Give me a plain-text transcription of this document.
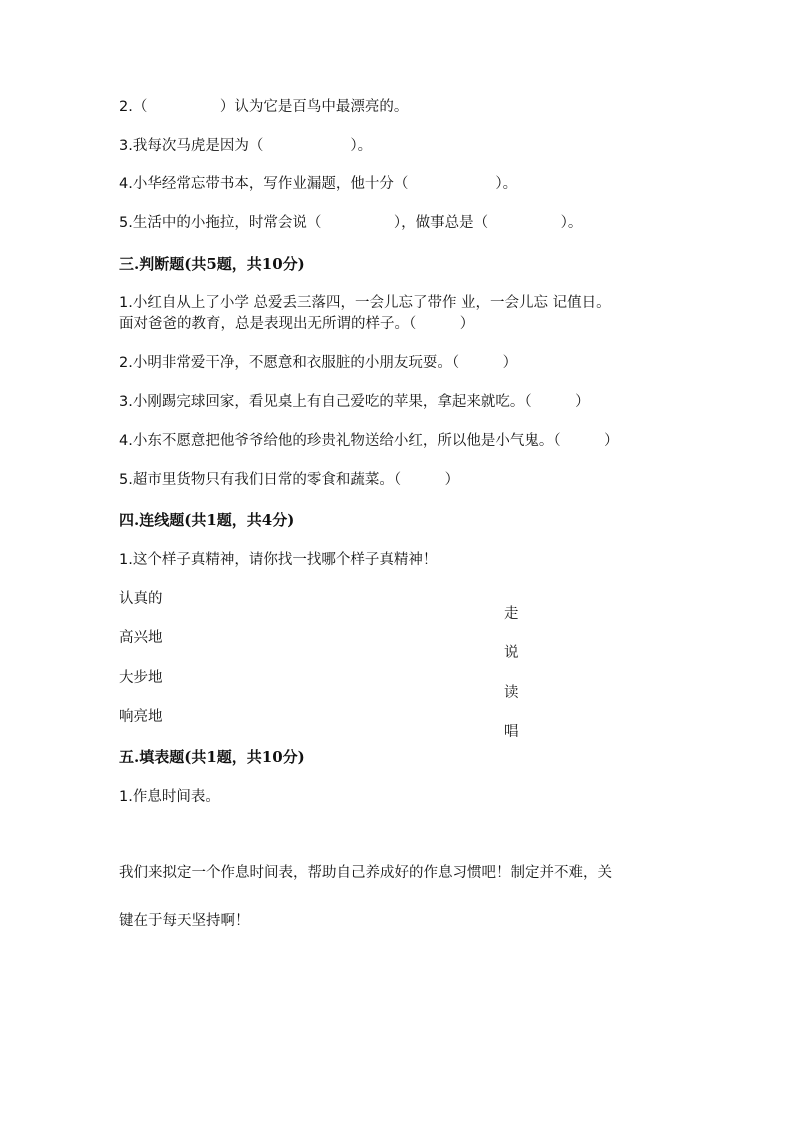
2.（　　　　　）认为它是百鸟中最漂亮的。

3.我每次马虎是因为（　　　　　　）。

4.小华经常忘带书本，写作业漏题，他十分（　　　　　　）。

5.生活中的小拖拉，时常会说（　　　　　），做事总是（　　　　　）。

三.判断题(共5题，共10分)

1.小红自从上了小学 总爱丢三落四，一会儿忘了带作 业，一会儿忘 记值日。

面对爸爸的教育，总是表现出无所谓的样子。（　　　）

2.小明非常爱干净，不愿意和衣服脏的小朋友玩耍。（　　　）

3.小刚踢完球回家，看见桌上有自己爱吃的苹果，拿起来就吃。（　　　）

4.小东不愿意把他爷爷给他的珍贵礼物送给小红，所以他是小气鬼。（　　　）

5.超市里货物只有我们日常的零食和蔬菜。（　　　）

四.连线题(共1题，共4分)

1.这个样子真精神，请你找一找哪个样子真精神！

认真的

走

高兴地

说

大步地

读

响亮地

唱

五.填表题(共1题，共10分)

1.作息时间表。

我们来拟定一个作息时间表，帮助自己养成好的作息习惯吧！制定并不难，关

键在于每天坚持啊！
